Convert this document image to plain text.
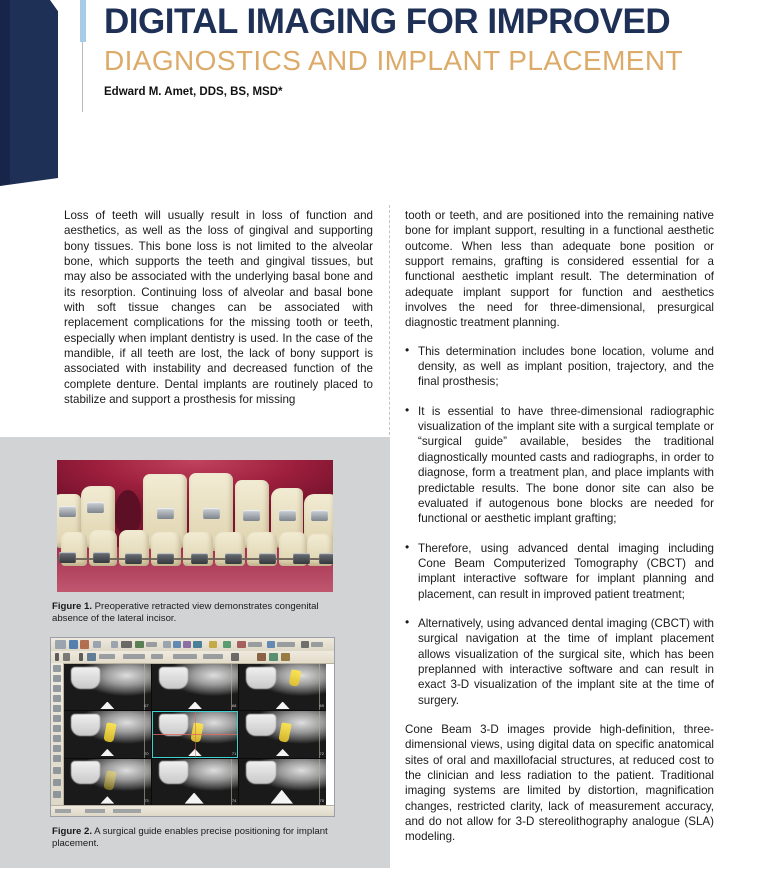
DIGITAL IMAGING FOR IMPROVED
DIAGNOSTICS AND IMPLANT PLACEMENT
Edward M. Amet, DDS, BS, MSD*

Loss of teeth will usually result in loss of function and aesthetics, as well as the loss of gingival and supporting bony tissues. This bone loss is not limited to the alveolar bone, which supports the teeth and gingival tissues, but may also be associated with the underlying basal bone and its resorption. Continuing loss of alveolar and basal bone with soft tissue changes can be associated with replacement complications for the missing tooth or teeth, especially when implant dentistry is used. In the case of the mandible, if all teeth are lost, the lack of bony support is associated with instability and decreased function of the complete denture. Dental implants are routinely placed to stabilize and support a prosthesis for missing

tooth or teeth, and are positioned into the remaining native bone for implant support, resulting in a functional aesthetic outcome. When less than adequate bone position or support remains, grafting is considered essential for a functional aesthetic implant result. The determination of adequate implant support for function and aesthetics involves the need for three-dimensional, presurgical diagnostic treatment planning.

• This determination includes bone location, volume and density, as well as implant position, trajectory, and the final prosthesis;
• It is essential to have three-dimensional radiographic visualization of the implant site with a surgical template or “surgical guide” available, besides the traditional diagnostically mounted casts and radiographs, in order to diagnose, form a treatment plan, and place implants with predictable results. The bone donor site can also be evaluated if autogenous bone blocks are needed for functional or aesthetic implant grafting;
• Therefore, using advanced dental imaging including Cone Beam Computerized Tomography (CBCT) and implant interactive software for implant planning and placement, can result in improved patient treatment;
• Alternatively, using advanced dental imaging (CBCT) with surgical navigation at the time of implant placement allows visualization of the surgical site, which has been preplanned with interactive software and can result in exact 3-D visualization of the implant site at the time of surgery.

Cone Beam 3-D images provide high-definition, three-dimensional views, using digital data on specific anatomical sites of oral and maxillofacial structures, at reduced cost to the clinician and less radiation to the patient. Traditional imaging systems are limited by distortion, magnification changes, restricted clarity, lack of measurement accuracy, and do not allow for 3-D stereolithography analogue (SLA) modeling.

Figure 1. Preoperative retracted view demonstrates congenital absence of the lateral incisor.
67	68	69
70	71	72
73	74	75
Figure 2. A surgical guide enables precise positioning for implant placement.
